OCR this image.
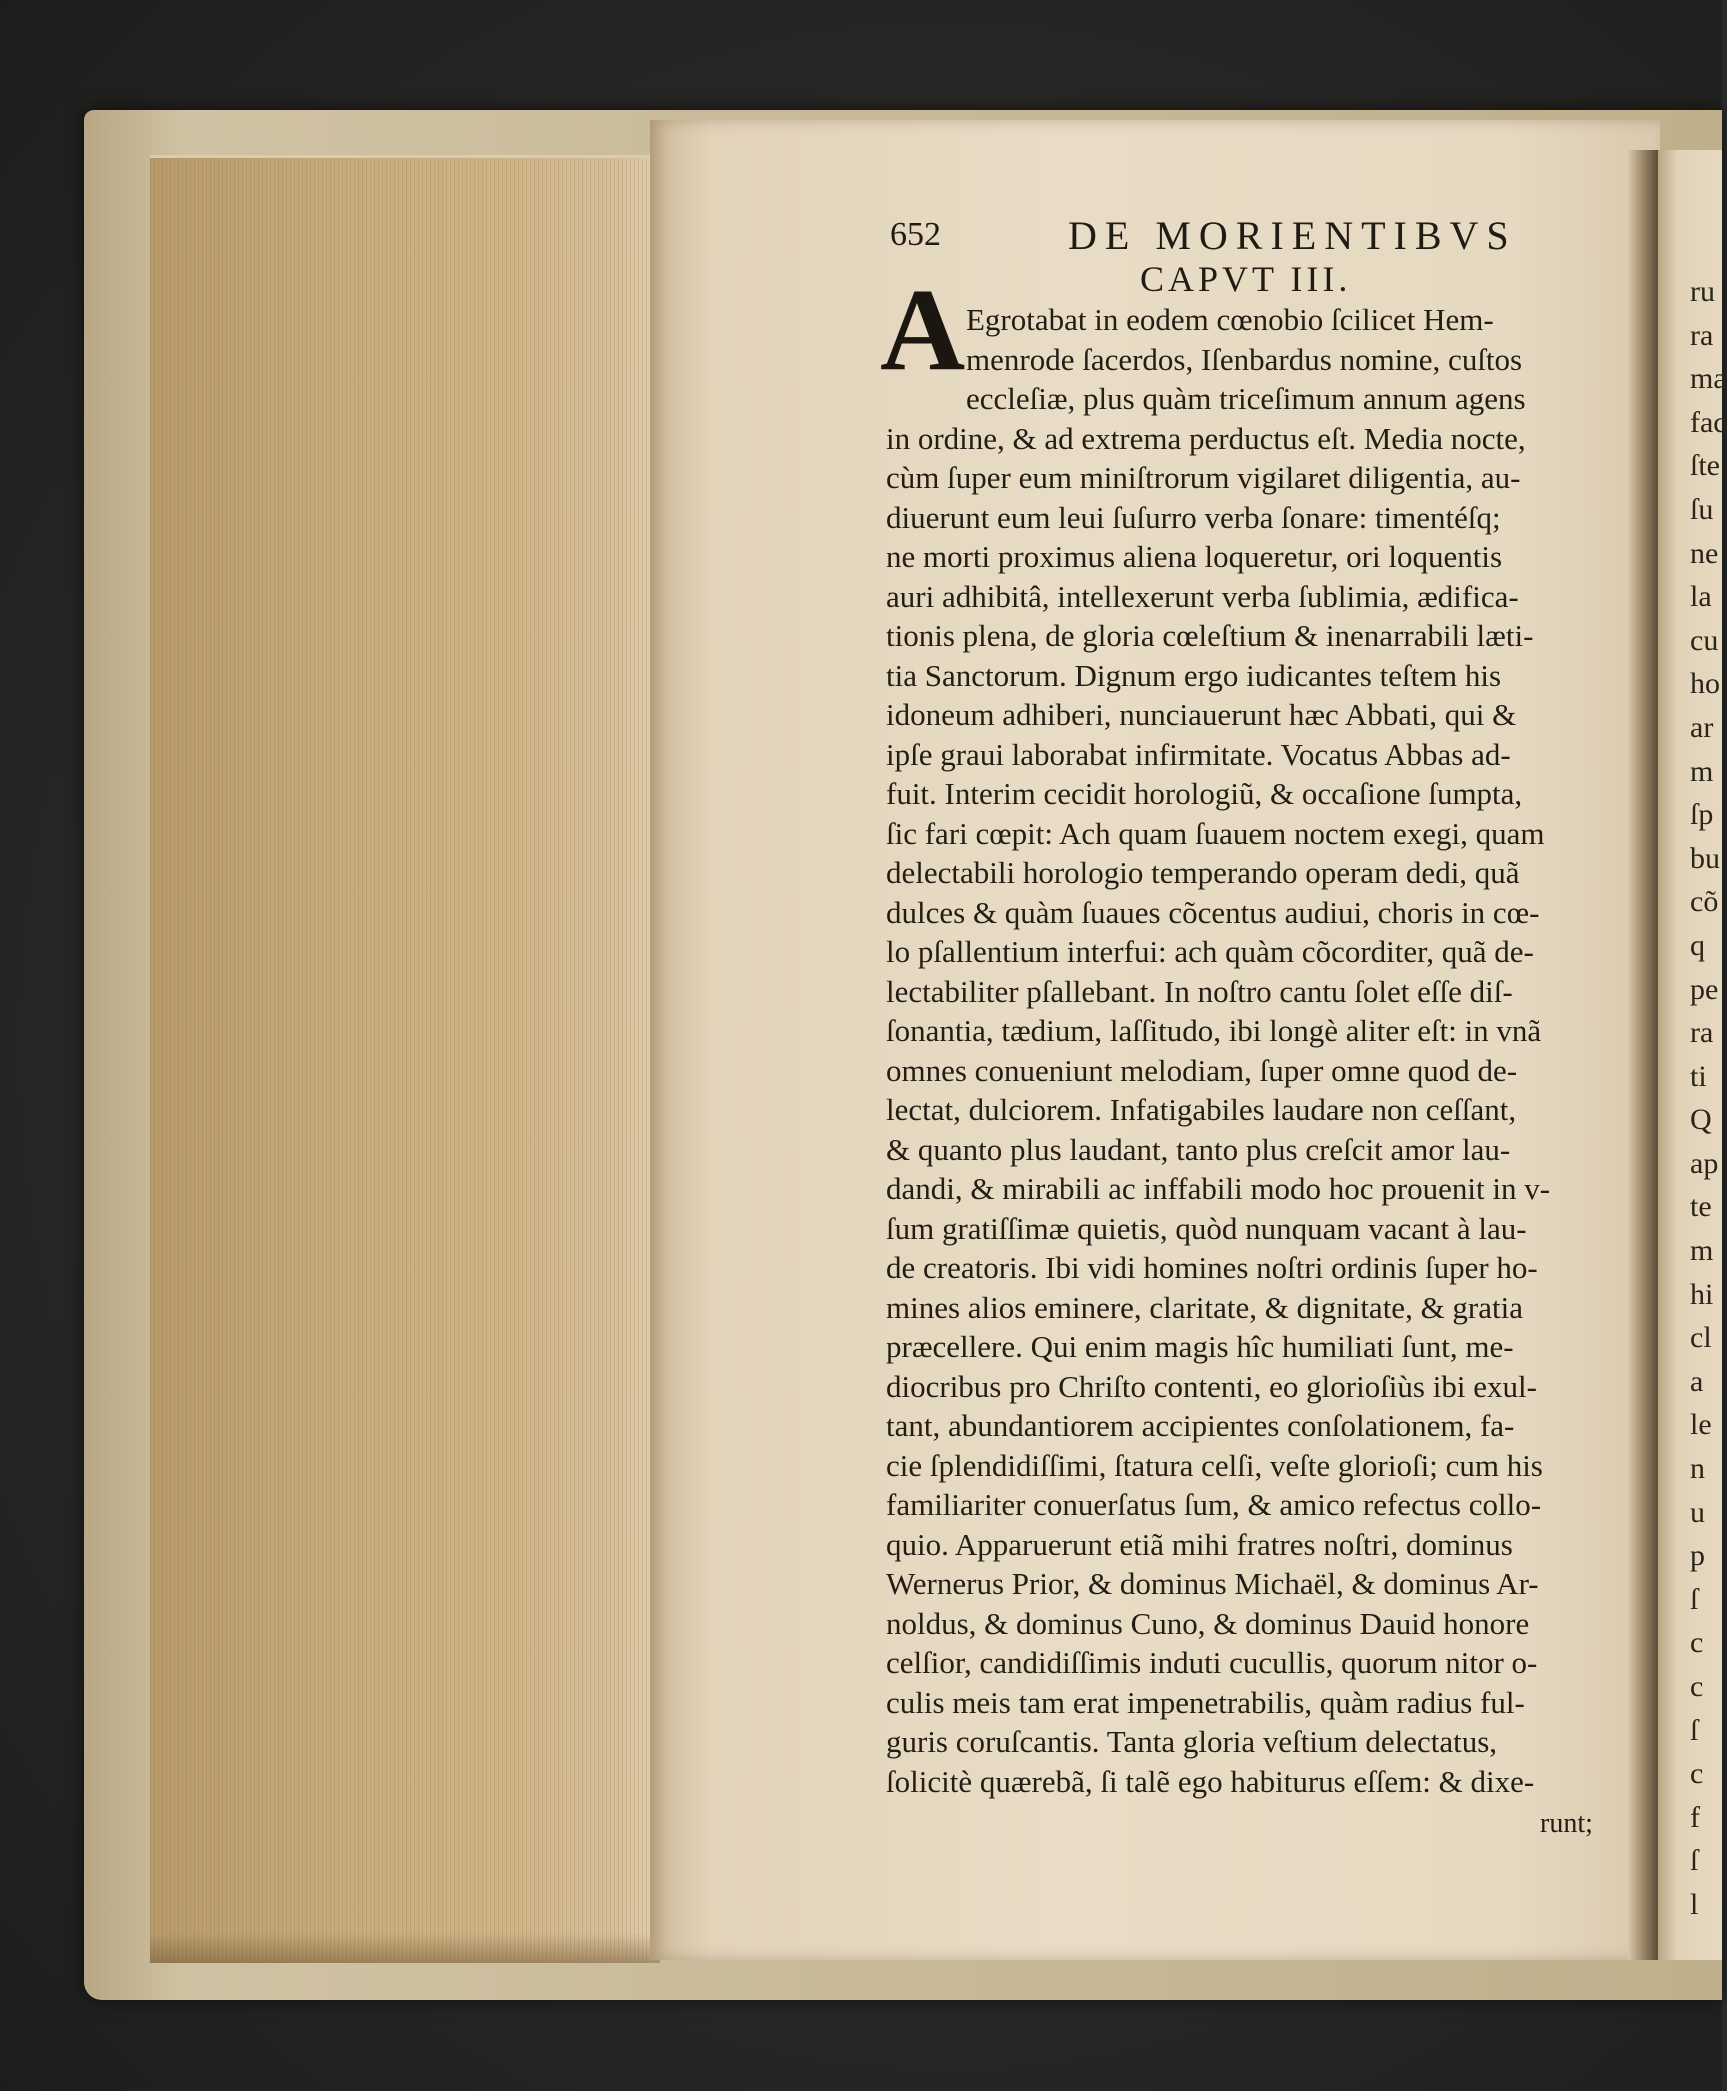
ru
ra
ma
fac
ſte
ſu
ne
la
cu
ho
ar
m
ſp
bu
cõ
q
pe
ra
ti
Q
ap
te
m
hi
cl
a
le
n
u
p
ſ
c
c
ſ
c
f
ſ
l
652	DE MORIENTIBVS
CAPVT III.
A Egrotabat in eodem cœnobio ſcilicet Hem-
menrode ſacerdos, Iſenbardus nomine, cuſtos
eccleſiæ, plus quàm triceſimum annum agens
in ordine, & ad extrema perductus eſt. Media nocte,
cùm ſuper eum miniſtrorum vigilaret diligentia, au-
diuerunt eum leui ſuſurro verba ſonare: timentéſq;
ne morti proximus aliena loqueretur, ori loquentis
auri adhibitâ, intellexerunt verba ſublimia, ædifica-
tionis plena, de gloria cœleſtium & inenarrabili læti-
tia Sanctorum. Dignum ergo iudicantes teſtem his
idoneum adhiberi, nunciauerunt hæc Abbati, qui &
ipſe graui laborabat infirmitate. Vocatus Abbas ad-
fuit. Interim cecidit horologiũ, & occaſione ſumpta,
ſic fari cœpit: Ach quam ſuauem noctem exegi, quam
delectabili horologio temperando operam dedi, quã
dulces & quàm ſuaues cõcentus audiui, choris in cœ-
lo pſallentium interfui: ach quàm cõcorditer, quã de-
lectabiliter pſallebant. In noſtro cantu ſolet eſſe diſ-
ſonantia, tædium, laſſitudo, ibi longè aliter eſt: in vnã
omnes conueniunt melodiam, ſuper omne quod de-
lectat, dulciorem. Infatigabiles laudare non ceſſant,
& quanto plus laudant, tanto plus creſcit amor lau-
dandi, & mirabili ac inffabili modo hoc prouenit in v-
ſum gratiſſimæ quietis, quòd nunquam vacant à lau-
de creatoris. Ibi vidi homines noſtri ordinis ſuper ho-
mines alios eminere, claritate, & dignitate, & gratia
præcellere. Qui enim magis hîc humiliati ſunt, me-
diocribus pro Chriſto contenti, eo glorioſiùs ibi exul-
tant, abundantiorem accipientes conſolationem, fa-
cie ſplendidiſſimi, ſtatura celſi, veſte glorioſi; cum his
familiariter conuerſatus ſum, & amico refectus collo-
quio. Apparuerunt etiã mihi fratres noſtri, dominus
Wernerus Prior, & dominus Michaël, & dominus Ar-
noldus, & dominus Cuno, & dominus Dauid honore
celſior, candidiſſimis induti cucullis, quorum nitor o-
culis meis tam erat impenetrabilis, quàm radius ful-
guris coruſcantis. Tanta gloria veſtium delectatus,
ſolicitè quærebã, ſi talẽ ego habiturus eſſem: & dixe-
runt;
